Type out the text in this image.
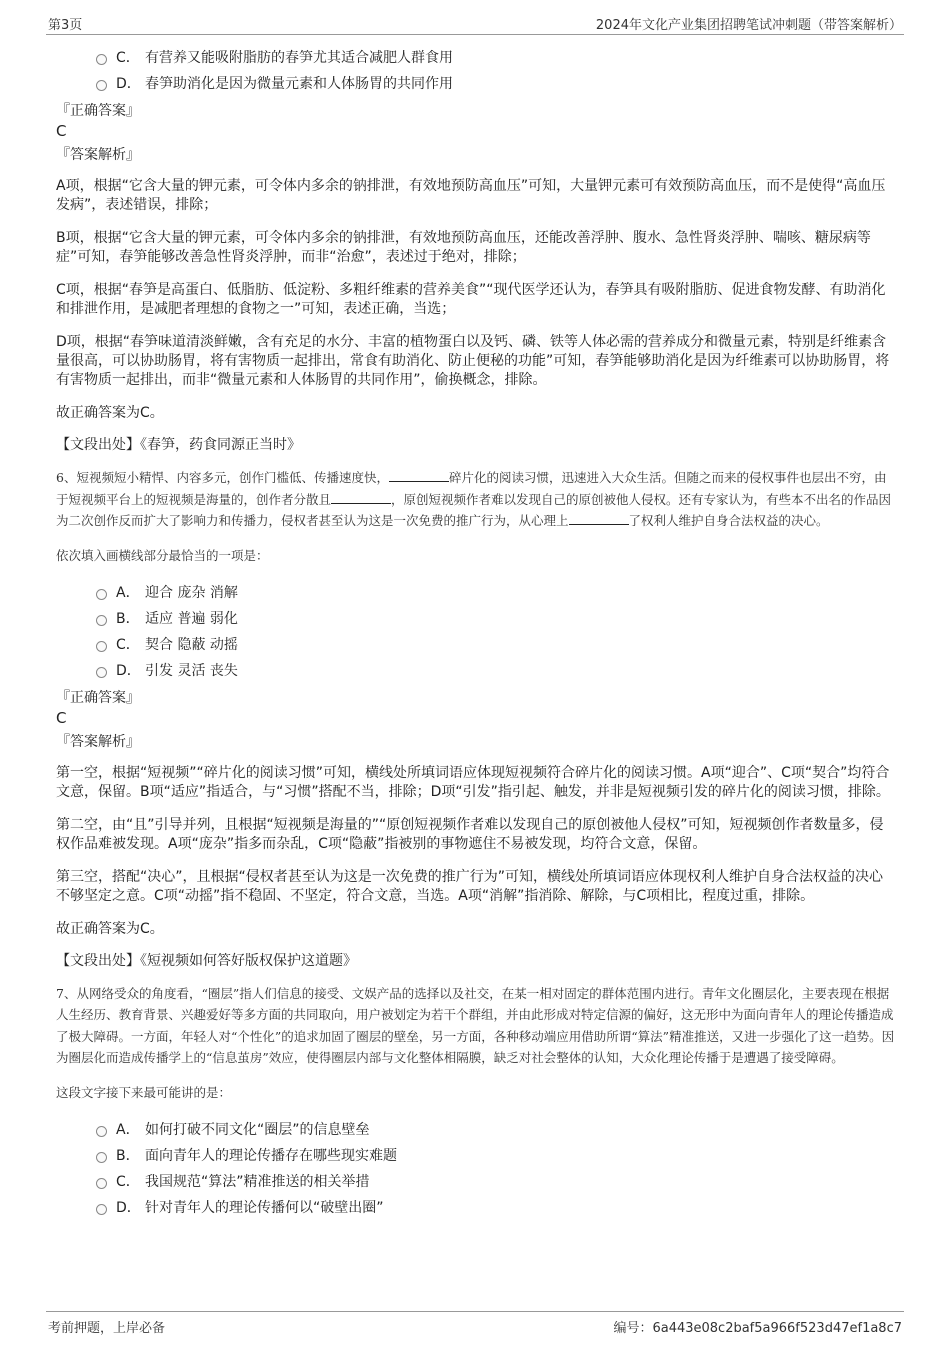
第3页	2024年文化产业集团招聘笔试冲刺题（带答案解析）
C． 有营养又能吸附脂肪的春笋尤其适合减肥人群食用
D． 春笋助消化是因为微量元素和人体肠胃的共同作用
『正确答案』
C
『答案解析』
A项，根据“它含大量的钾元素，可令体内多余的钠排泄，有效地预防高血压”可知，大量钾元素可有效预防高血压，而不是使得“高血压发病”，表述错误，排除；
B项，根据“它含大量的钾元素，可令体内多余的钠排泄，有效地预防高血压，还能改善浮肿、腹水、急性肾炎浮肿、喘咳、糖尿病等症”可知，春笋能够改善急性肾炎浮肿，而非“治愈”，表述过于绝对，排除；
C项，根据“春笋是高蛋白、低脂肪、低淀粉、多粗纤维素的营养美食”“现代医学还认为，春笋具有吸附脂肪、促进食物发酵、有助消化和排泄作用，是减肥者理想的食物之一”可知，表述正确，当选；
D项，根据“春笋味道清淡鲜嫩，含有充足的水分、丰富的植物蛋白以及钙、磷、铁等人体必需的营养成分和微量元素，特别是纤维素含量很高，可以协助肠胃，将有害物质一起排出，常食有助消化、防止便秘的功能”可知，春笋能够助消化是因为纤维素可以协助肠胃，将有害物质一起排出，而非“微量元素和人体肠胃的共同作用”，偷换概念，排除。
故正确答案为C。
【文段出处】《春笋，药食同源正当时》
6、短视频短小精悍、内容多元，创作门槛低、传播速度快，	碎片化的阅读习惯，迅速进入大众生活。但随之而来的侵权事件也层出不穷，由于短视频平台上的短视频是海量的，创作者分散且	，原创短视频作者难以发现自己的原创被他人侵权。还有专家认为，有些本不出名的作品因为二次创作反而扩大了影响力和传播力，侵权者甚至认为这是一次免费的推广行为，从心理上	了权利人维护自身合法权益的决心。
依次填入画横线部分最恰当的一项是：
A． 迎合 庞杂 消解
B． 适应 普遍 弱化
C． 契合 隐蔽 动摇
D． 引发 灵活 丧失
『正确答案』
C
『答案解析』
第一空，根据“短视频”“碎片化的阅读习惯”可知，横线处所填词语应体现短视频符合碎片化的阅读习惯。A项“迎合”、C项“契合”均符合文意，保留。B项“适应”指适合，与“习惯”搭配不当，排除；D项“引发”指引起、触发，并非是短视频引发的碎片化的阅读习惯，排除。
第二空，由“且”引导并列，且根据“短视频是海量的”“原创短视频作者难以发现自己的原创被他人侵权”可知，短视频创作者数量多，侵权作品难被发现。A项“庞杂”指多而杂乱，C项“隐蔽”指被别的事物遮住不易被发现，均符合文意，保留。
第三空，搭配“决心”，且根据“侵权者甚至认为这是一次免费的推广行为”可知，横线处所填词语应体现权利人维护自身合法权益的决心不够坚定之意。C项“动摇”指不稳固、不坚定，符合文意，当选。A项“消解”指消除、解除，与C项相比，程度过重，排除。
故正确答案为C。
【文段出处】《短视频如何答好版权保护这道题》
7、从网络受众的角度看，“圈层”指人们信息的接受、文娱产品的选择以及社交，在某一相对固定的群体范围内进行。青年文化圈层化，主要表现在根据人生经历、教育背景、兴趣爱好等多方面的共同取向，用户被划定为若干个群组，并由此形成对特定信源的偏好，这无形中为面向青年人的理论传播造成了极大障碍。一方面，年轻人对“个性化”的追求加固了圈层的壁垒，另一方面，各种移动端应用借助所谓“算法”精准推送，又进一步强化了这一趋势。因为圈层化而造成传播学上的“信息茧房”效应，使得圈层内部与文化整体相隔膜，缺乏对社会整体的认知，大众化理论传播于是遭遇了接受障碍。
这段文字接下来最可能讲的是：
A． 如何打破不同文化“圈层”的信息壁垒
B． 面向青年人的理论传播存在哪些现实难题
C． 我国规范“算法”精准推送的相关举措
D． 针对青年人的理论传播何以“破壁出圈”
考前押题，上岸必备	编号：6a443e08c2baf5a966f523d47ef1a8c7
